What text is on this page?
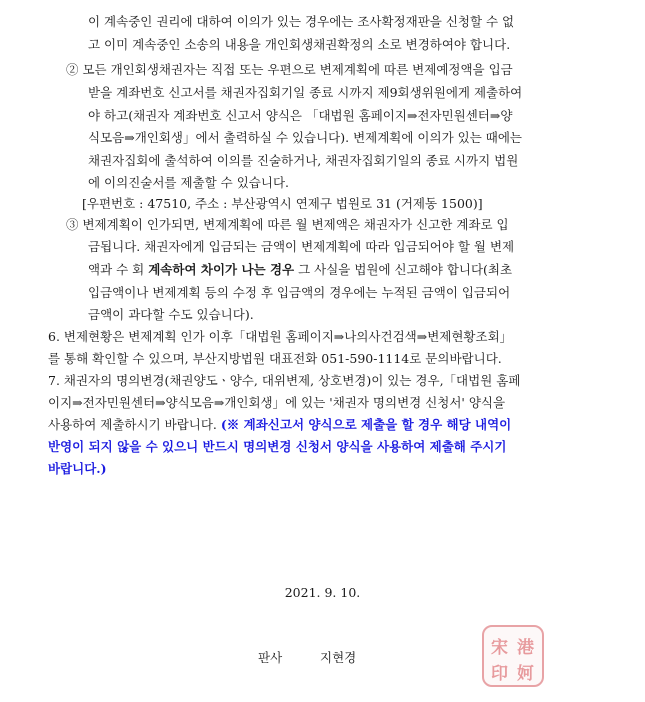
이 계속중인 권리에 대하여 이의가 있는 경우에는 조사확정재판을 신청할 수 없
고 이미 계속중인 소송의 내용을 개인회생채권확정의 소로 변경하여야 합니다.
② 모든 개인회생채권자는 직접 또는 우편으로 변제계획에 따른 변제예정액을 입금
받을 계좌번호 신고서를 채권자집회기일 종료 시까지 제9회생위원에게 제출하여
야 하고(채권자 계좌번호 신고서 양식은 「대법원 홈페이지⇒전자민원센터⇒양
식모음⇒개인회생」에서 출력하실 수 있습니다). 변제계획에 이의가 있는 때에는
채권자집회에 출석하여 이의를 진술하거나, 채권자집회기일의 종료 시까지 법원
에 이의진술서를 제출할 수 있습니다.
[우편번호 : 47510, 주소 : 부산광역시 연제구 법원로 31 (거제동 1500)]
③ 변제계획이 인가되면, 변제계획에 따른 월 변제액은 채권자가 신고한 계좌로 입
금됩니다. 채권자에게 입금되는 금액이 변제계획에 따라 입금되어야 할 월 변제
액과 수 회 계속하여 차이가 나는 경우 그 사실을 법원에 신고해야 합니다(최초
입금액이나 변제계획 등의 수정 후 입금액의 경우에는 누적된 금액이 입금되어
금액이 과다할 수도 있습니다).
6. 변제현황은 변제계획 인가 이후「대법원 홈페이지⇒나의사건검색⇒변제현황조회」
를 통해 확인할 수 있으며, 부산지방법원 대표전화 051-590-1114로 문의바랍니다.
7. 채권자의 명의변경(채권양도ㆍ양수, 대위변제, 상호변경)이 있는 경우,「대법원 홈페
이지⇒전자민원센터⇒양식모음⇒개인회생」에 있는 '채권자 명의변경 신청서' 양식을
사용하여 제출하시기 바랍니다. (※ 계좌신고서 양식으로 제출을 할 경우 해당 내역이
반영이 되지 않을 수 있으니 반드시 명의변경 신청서 양식을 사용하여 제출해 주시기
바랍니다.)
2021. 9. 10.
판사	지현경	宋 港
印 妸
